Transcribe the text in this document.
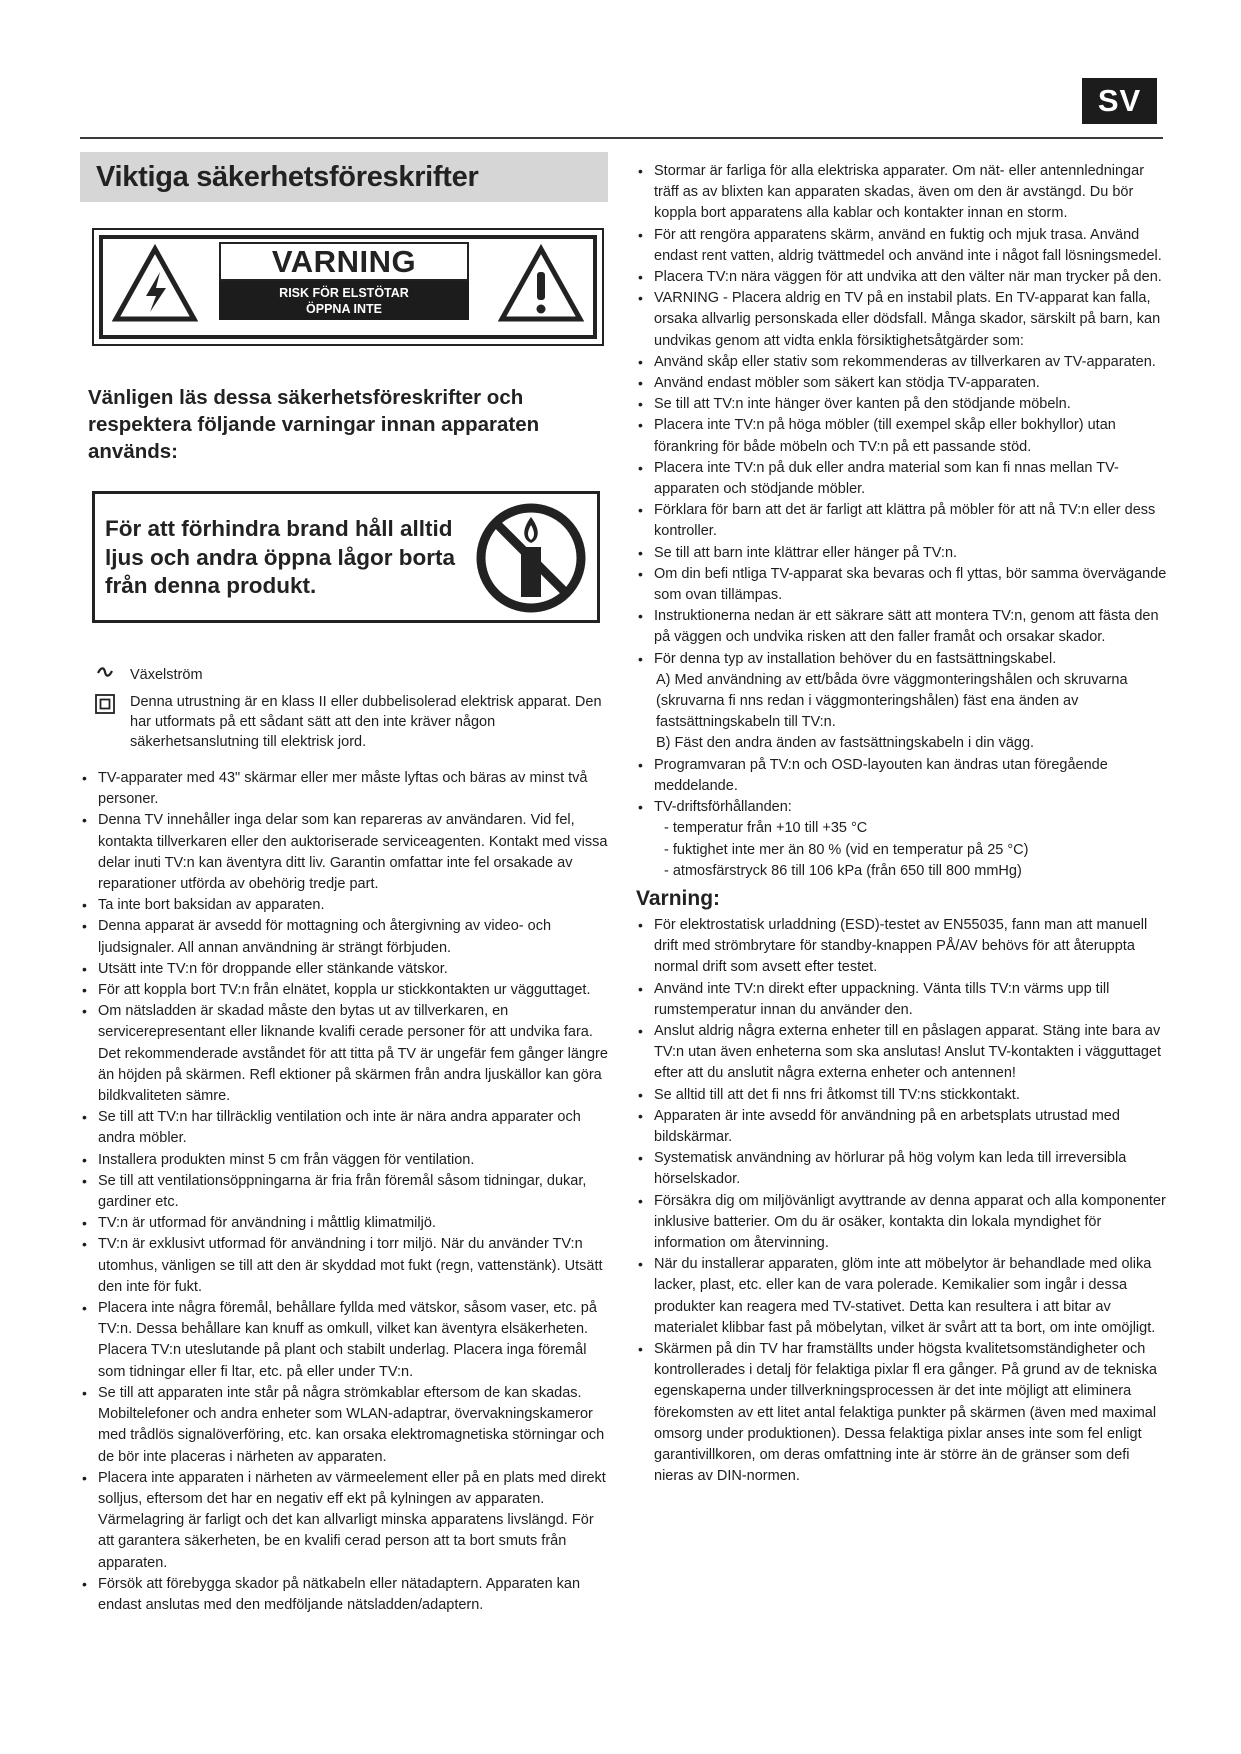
SV
Viktiga säkerhetsföreskrifter
VARNING
RISK FÖR ELSTÖTAR
ÖPPNA INTE
Vänligen läs dessa säkerhetsföreskrifter och respektera följande varningar innan apparaten används:
För att förhindra brand håll alltid ljus och andra öppna lågor borta från denna produkt.
Växelström
Denna utrustning är en klass II eller dubbelisolerad elektrisk apparat. Den har utformats på ett sådant sätt att den inte kräver någon säkerhetsanslutning till elektrisk jord.
• TV-apparater med 43" skärmar eller mer måste lyftas och bäras av minst två personer.
• Denna TV innehåller inga delar som kan repareras av användaren. Vid fel, kontakta tillverkaren eller den auktoriserade serviceagenten. Kontakt med vissa delar inuti TV:n kan äventyra ditt liv. Garantin omfattar inte fel orsakade av reparationer utförda av obehörig tredje part.
• Ta inte bort baksidan av apparaten.
• Denna apparat är avsedd för mottagning och återgivning av video- och ljudsignaler. All annan användning är strängt förbjuden.
• Utsätt inte TV:n för droppande eller stänkande vätskor.
• För att koppla bort TV:n från elnätet, koppla ur stickkontakten ur vägguttaget.
• Om nätsladden är skadad måste den bytas ut av tillverkaren, en servicerepresentant eller liknande kvalifi cerade personer för att undvika fara. Det rekommenderade avståndet för att titta på TV är ungefär fem gånger längre än höjden på skärmen. Refl ektioner på skärmen från andra ljuskällor kan göra bildkvaliteten sämre.
• Se till att TV:n har tillräcklig ventilation och inte är nära andra apparater och andra möbler.
• Installera produkten minst 5 cm från väggen för ventilation.
• Se till att ventilationsöppningarna är fria från föremål såsom tidningar, dukar, gardiner etc.
• TV:n är utformad för användning i måttlig klimatmiljö.
• TV:n är exklusivt utformad för användning i torr miljö. När du använder TV:n utomhus, vänligen se till att den är skyddad mot fukt (regn, vattenstänk). Utsätt den inte för fukt.
• Placera inte några föremål, behållare fyllda med vätskor, såsom vaser, etc. på TV:n. Dessa behållare kan knuff as omkull, vilket kan äventyra elsäkerheten. Placera TV:n uteslutande på plant och stabilt underlag. Placera inga föremål som tidningar eller fi ltar, etc. på eller under TV:n.
• Se till att apparaten inte står på några strömkablar eftersom de kan skadas. Mobiltelefoner och andra enheter som WLAN-adaptrar, övervakningskameror med trådlös signalöverföring, etc. kan orsaka elektromagnetiska störningar och de bör inte placeras i närheten av apparaten.
• Placera inte apparaten i närheten av värmeelement eller på en plats med direkt solljus, eftersom det har en negativ eff ekt på kylningen av apparaten. Värmelagring är farligt och det kan allvarligt minska apparatens livslängd. För att garantera säkerheten, be en kvalifi cerad person att ta bort smuts från apparaten.
• Försök att förebygga skador på nätkabeln eller nätadaptern. Apparaten kan endast anslutas med den medföljande nätsladden/adaptern.
• Stormar är farliga för alla elektriska apparater. Om nät- eller antennledningar träff as av blixten kan apparaten skadas, även om den är avstängd. Du bör koppla bort apparatens alla kablar och kontakter innan en storm.
• För att rengöra apparatens skärm, använd en fuktig och mjuk trasa. Använd endast rent vatten, aldrig tvättmedel och använd inte i något fall lösningsmedel.
• Placera TV:n nära väggen för att undvika att den välter när man trycker på den.
• VARNING - Placera aldrig en TV på en instabil plats. En TV-apparat kan falla, orsaka allvarlig personskada eller dödsfall. Många skador, särskilt på barn, kan undvikas genom att vidta enkla försiktighetsåtgärder som:
• Använd skåp eller stativ som rekommenderas av tillverkaren av TV-apparaten.
• Använd endast möbler som säkert kan stödja TV-apparaten.
• Se till att TV:n inte hänger över kanten på den stödjande möbeln.
• Placera inte TV:n på höga möbler (till exempel skåp eller bokhyllor) utan förankring för både möbeln och TV:n på ett passande stöd.
• Placera inte TV:n på duk eller andra material som kan fi nnas mellan TV-apparaten och stödjande möbler.
• Förklara för barn att det är farligt att klättra på möbler för att nå TV:n eller dess kontroller.
• Se till att barn inte klättrar eller hänger på TV:n.
• Om din befi ntliga TV-apparat ska bevaras och fl yttas, bör samma övervägande som ovan tillämpas.
• Instruktionerna nedan är ett säkrare sätt att montera TV:n, genom att fästa den på väggen och undvika risken att den faller framåt och orsakar skador.
• För denna typ av installation behöver du en fastsättningskabel.
A) Med användning av ett/båda övre väggmonteringshålen och skruvarna (skruvarna fi nns redan i väggmonteringshålen) fäst ena änden av fastsättningskabeln till TV:n.
B) Fäst den andra änden av fastsättningskabeln i din vägg.
• Programvaran på TV:n och OSD-layouten kan ändras utan föregående meddelande.
• TV-driftsförhållanden:
- temperatur från +10 till +35 °C
- fuktighet inte mer än 80 % (vid en temperatur på 25 °C)
- atmosfärstryck 86 till 106 kPa (från 650 till 800 mmHg)
Varning:
• För elektrostatisk urladdning (ESD)-testet av EN55035, fann man att manuell drift med strömbrytare för standby-knappen PÅ/AV behövs för att återuppta normal drift som avsett efter testet.
• Använd inte TV:n direkt efter uppackning. Vänta tills TV:n värms upp till rumstemperatur innan du använder den.
• Anslut aldrig några externa enheter till en påslagen apparat. Stäng inte bara av TV:n utan även enheterna som ska anslutas! Anslut TV-kontakten i vägguttaget efter att du anslutit några externa enheter och antennen!
• Se alltid till att det fi nns fri åtkomst till TV:ns stickkontakt.
• Apparaten är inte avsedd för användning på en arbetsplats utrustad med bildskärmar.
• Systematisk användning av hörlurar på hög volym kan leda till irreversibla hörselskador.
• Försäkra dig om miljövänligt avyttrande av denna apparat och alla komponenter inklusive batterier. Om du är osäker, kontakta din lokala myndighet för information om återvinning.
• När du installerar apparaten, glöm inte att möbelytor är behandlade med olika lacker, plast, etc. eller kan de vara polerade. Kemikalier som ingår i dessa produkter kan reagera med TV-stativet. Detta kan resultera i att bitar av materialet klibbar fast på möbelytan, vilket är svårt att ta bort, om inte omöjligt.
• Skärmen på din TV har framställts under högsta kvalitetsomständigheter och kontrollerades i detalj för felaktiga pixlar fl era gånger. På grund av de tekniska egenskaperna under tillverkningsprocessen är det inte möjligt att eliminera förekomsten av ett litet antal felaktiga punkter på skärmen (även med maximal omsorg under produktionen). Dessa felaktiga pixlar anses inte som fel enligt garantivillkoren, om deras omfattning inte är större än de gränser som defi nieras av DIN-normen.
